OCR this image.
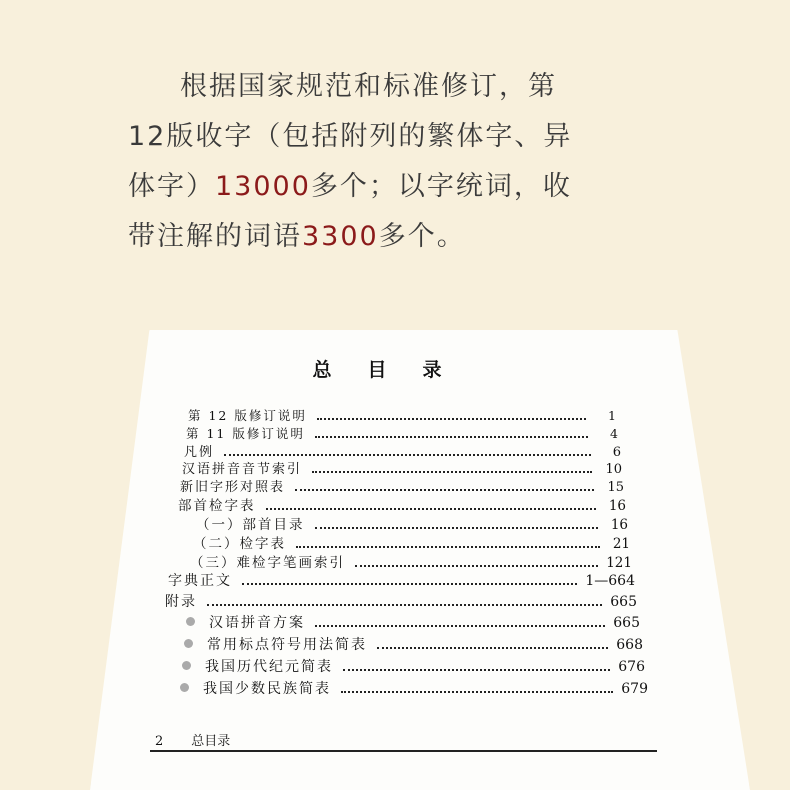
根据国家规范和标准修订，第
12版收字（包括附列的繁体字、异
体字）13000多个；以字统词，收
带注解的词语3300多个。
总目录
第 12 版修订说明	1
第 11 版修订说明	4
凡例	6
汉语拼音音节索引	10
新旧字形对照表	15
部首检字表	16
（一）部首目录	16
（二）检字表	21
（三）难检字笔画索引	121
字典正文	1—664
附录	665
汉语拼音方案	665
常用标点符号用法简表	668
我国历代纪元简表	676
我国少数民族简表	679
2 总目录
